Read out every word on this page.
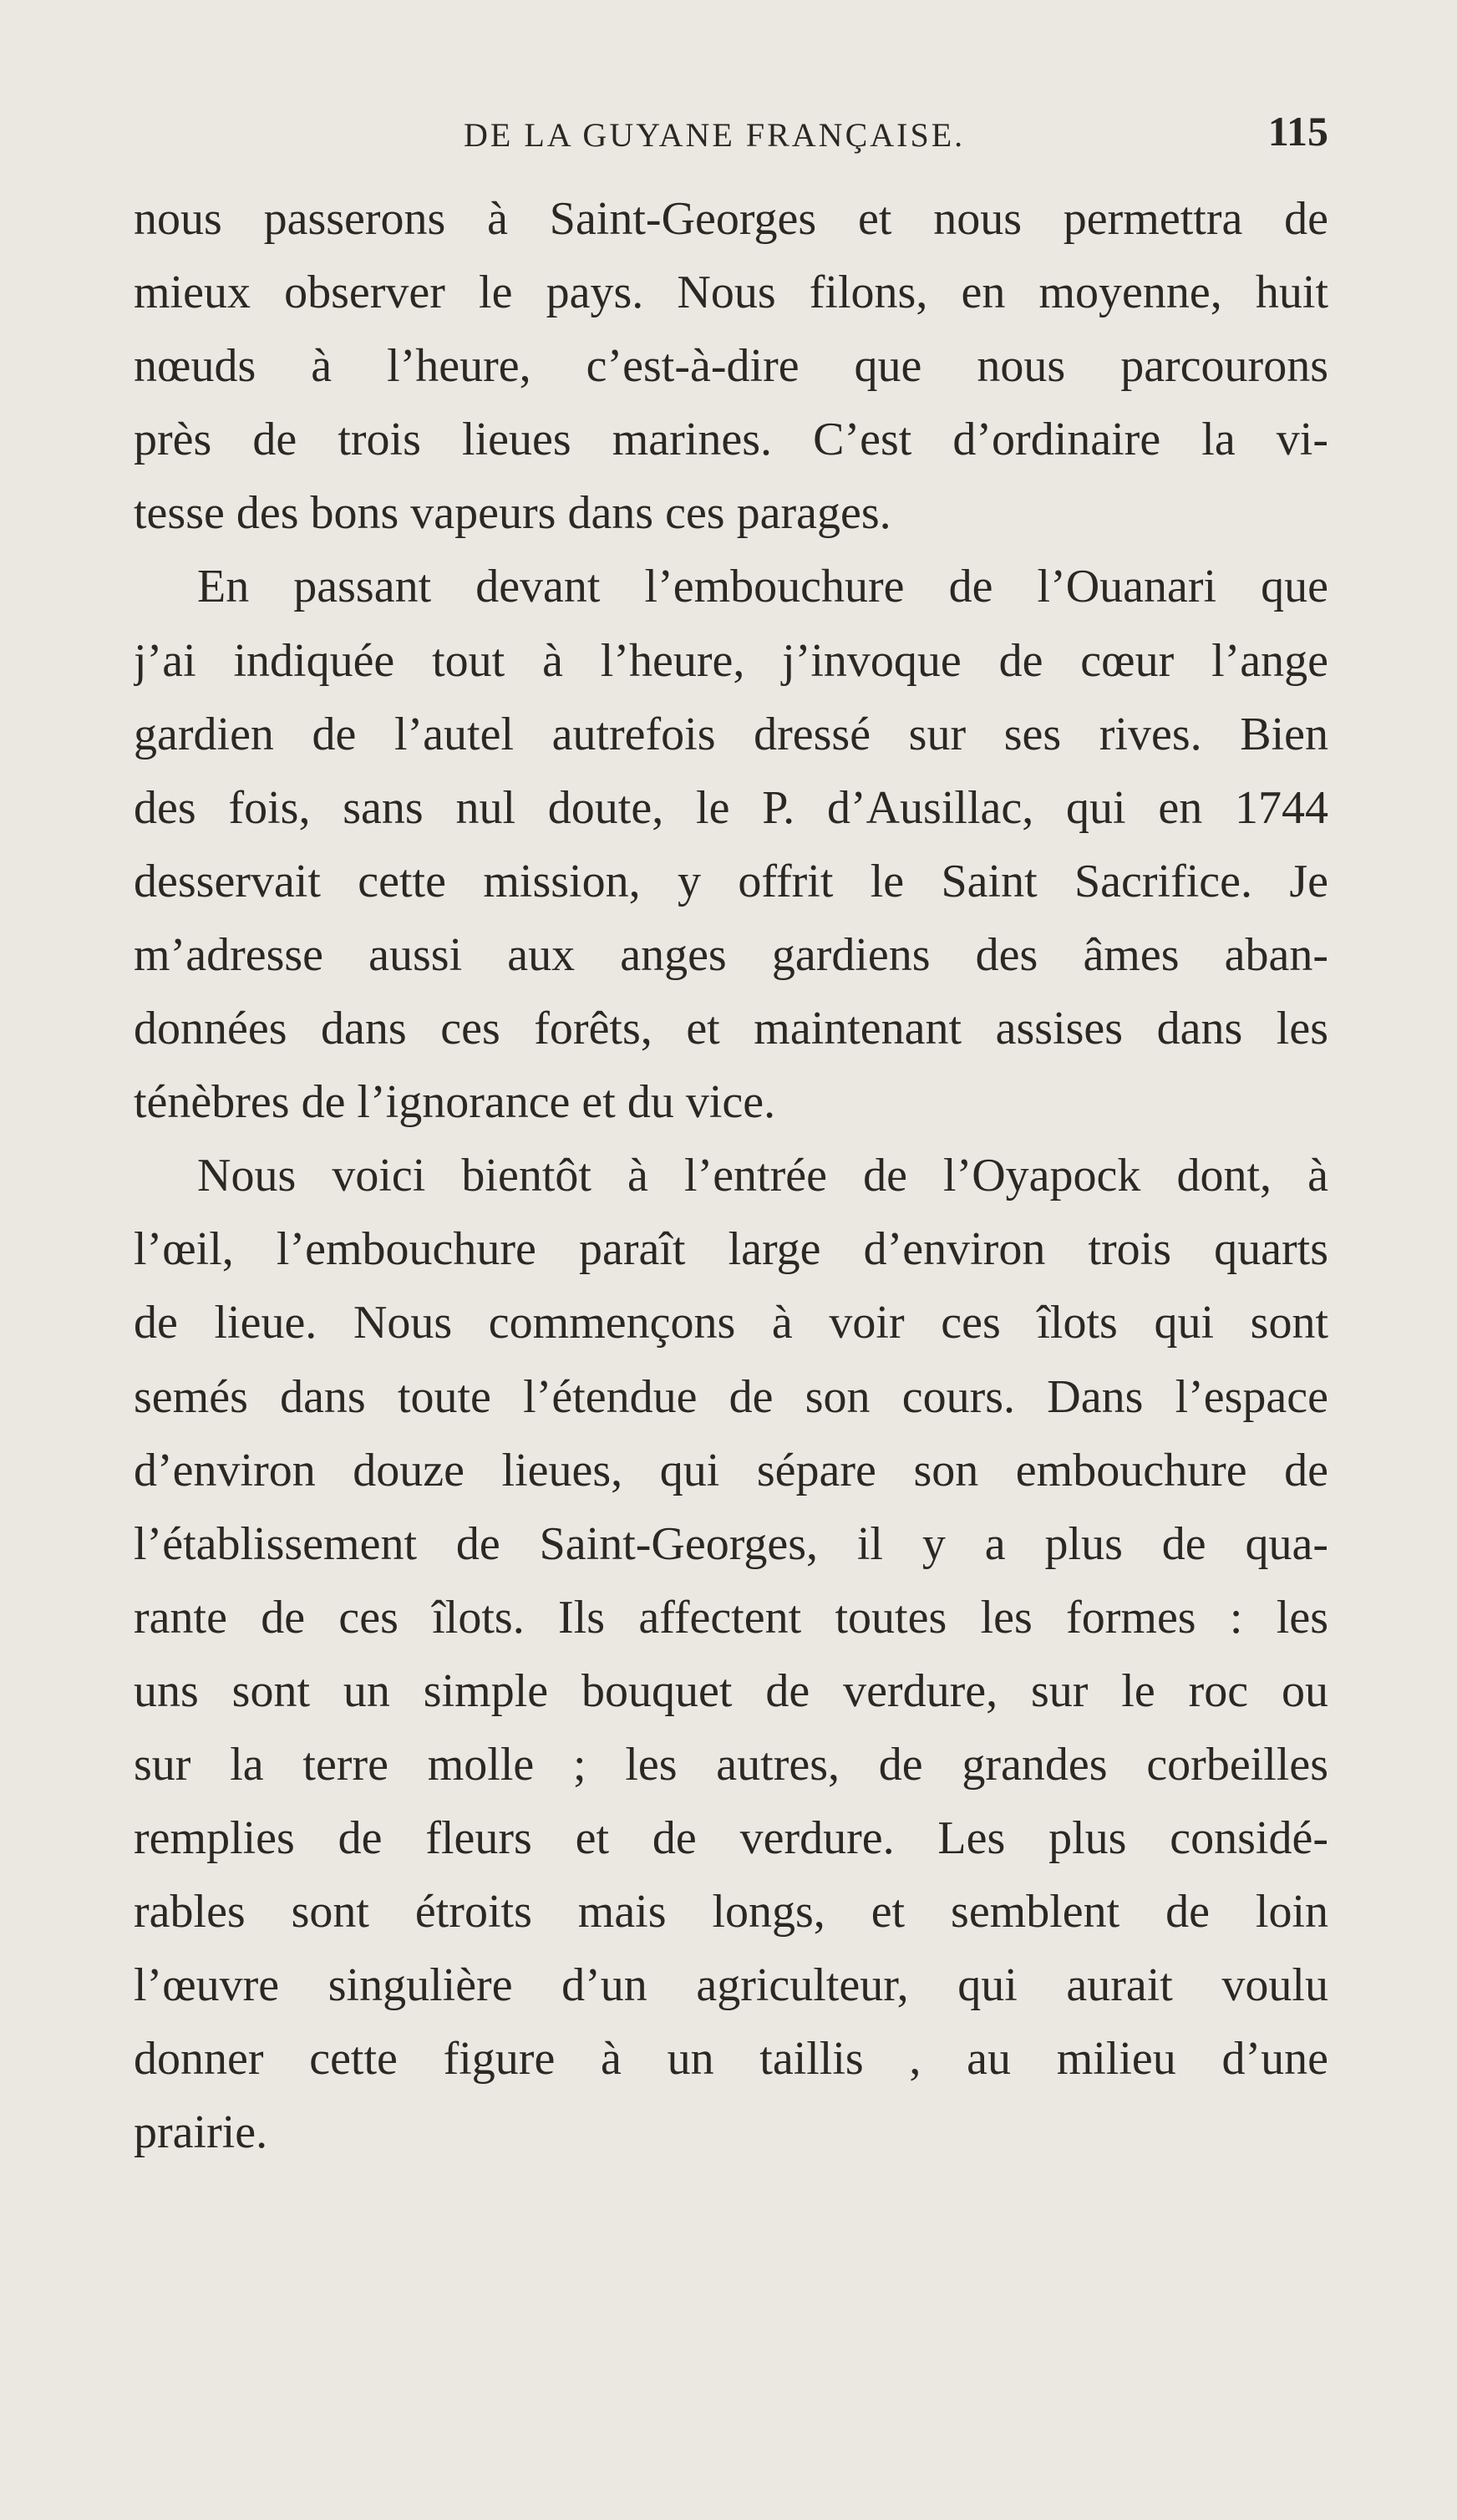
DE LA GUYANE FRANÇAISE.	115
nous passerons à Saint-Georges et nous permettra de
mieux observer le pays. Nous filons, en moyenne, huit
nœuds à l’heure, c’est-à-dire que nous parcourons
près de trois lieues marines. C’est d’ordinaire la vi-
tesse des bons vapeurs dans ces parages.
En passant devant l’embouchure de l’Ouanari que
j’ai indiquée tout à l’heure, j’invoque de cœur l’ange
gardien de l’autel autrefois dressé sur ses rives. Bien
des fois, sans nul doute, le P. d’Ausillac, qui en 1744
desservait cette mission, y offrit le Saint Sacrifice. Je
m’adresse aussi aux anges gardiens des âmes aban-
données dans ces forêts, et maintenant assises dans les
ténèbres de l’ignorance et du vice.
Nous voici bientôt à l’entrée de l’Oyapock dont, à
l’œil, l’embouchure paraît large d’environ trois quarts
de lieue. Nous commençons à voir ces îlots qui sont
semés dans toute l’étendue de son cours. Dans l’espace
d’environ douze lieues, qui sépare son embouchure de
l’établissement de Saint-Georges, il y a plus de qua-
rante de ces îlots. Ils affectent toutes les formes : les
uns sont un simple bouquet de verdure, sur le roc ou
sur la terre molle ; les autres, de grandes corbeilles
remplies de fleurs et de verdure. Les plus considé-
rables sont étroits mais longs, et semblent de loin
l’œuvre singulière d’un agriculteur, qui aurait voulu
donner cette figure à un taillis , au milieu d’une
prairie.
